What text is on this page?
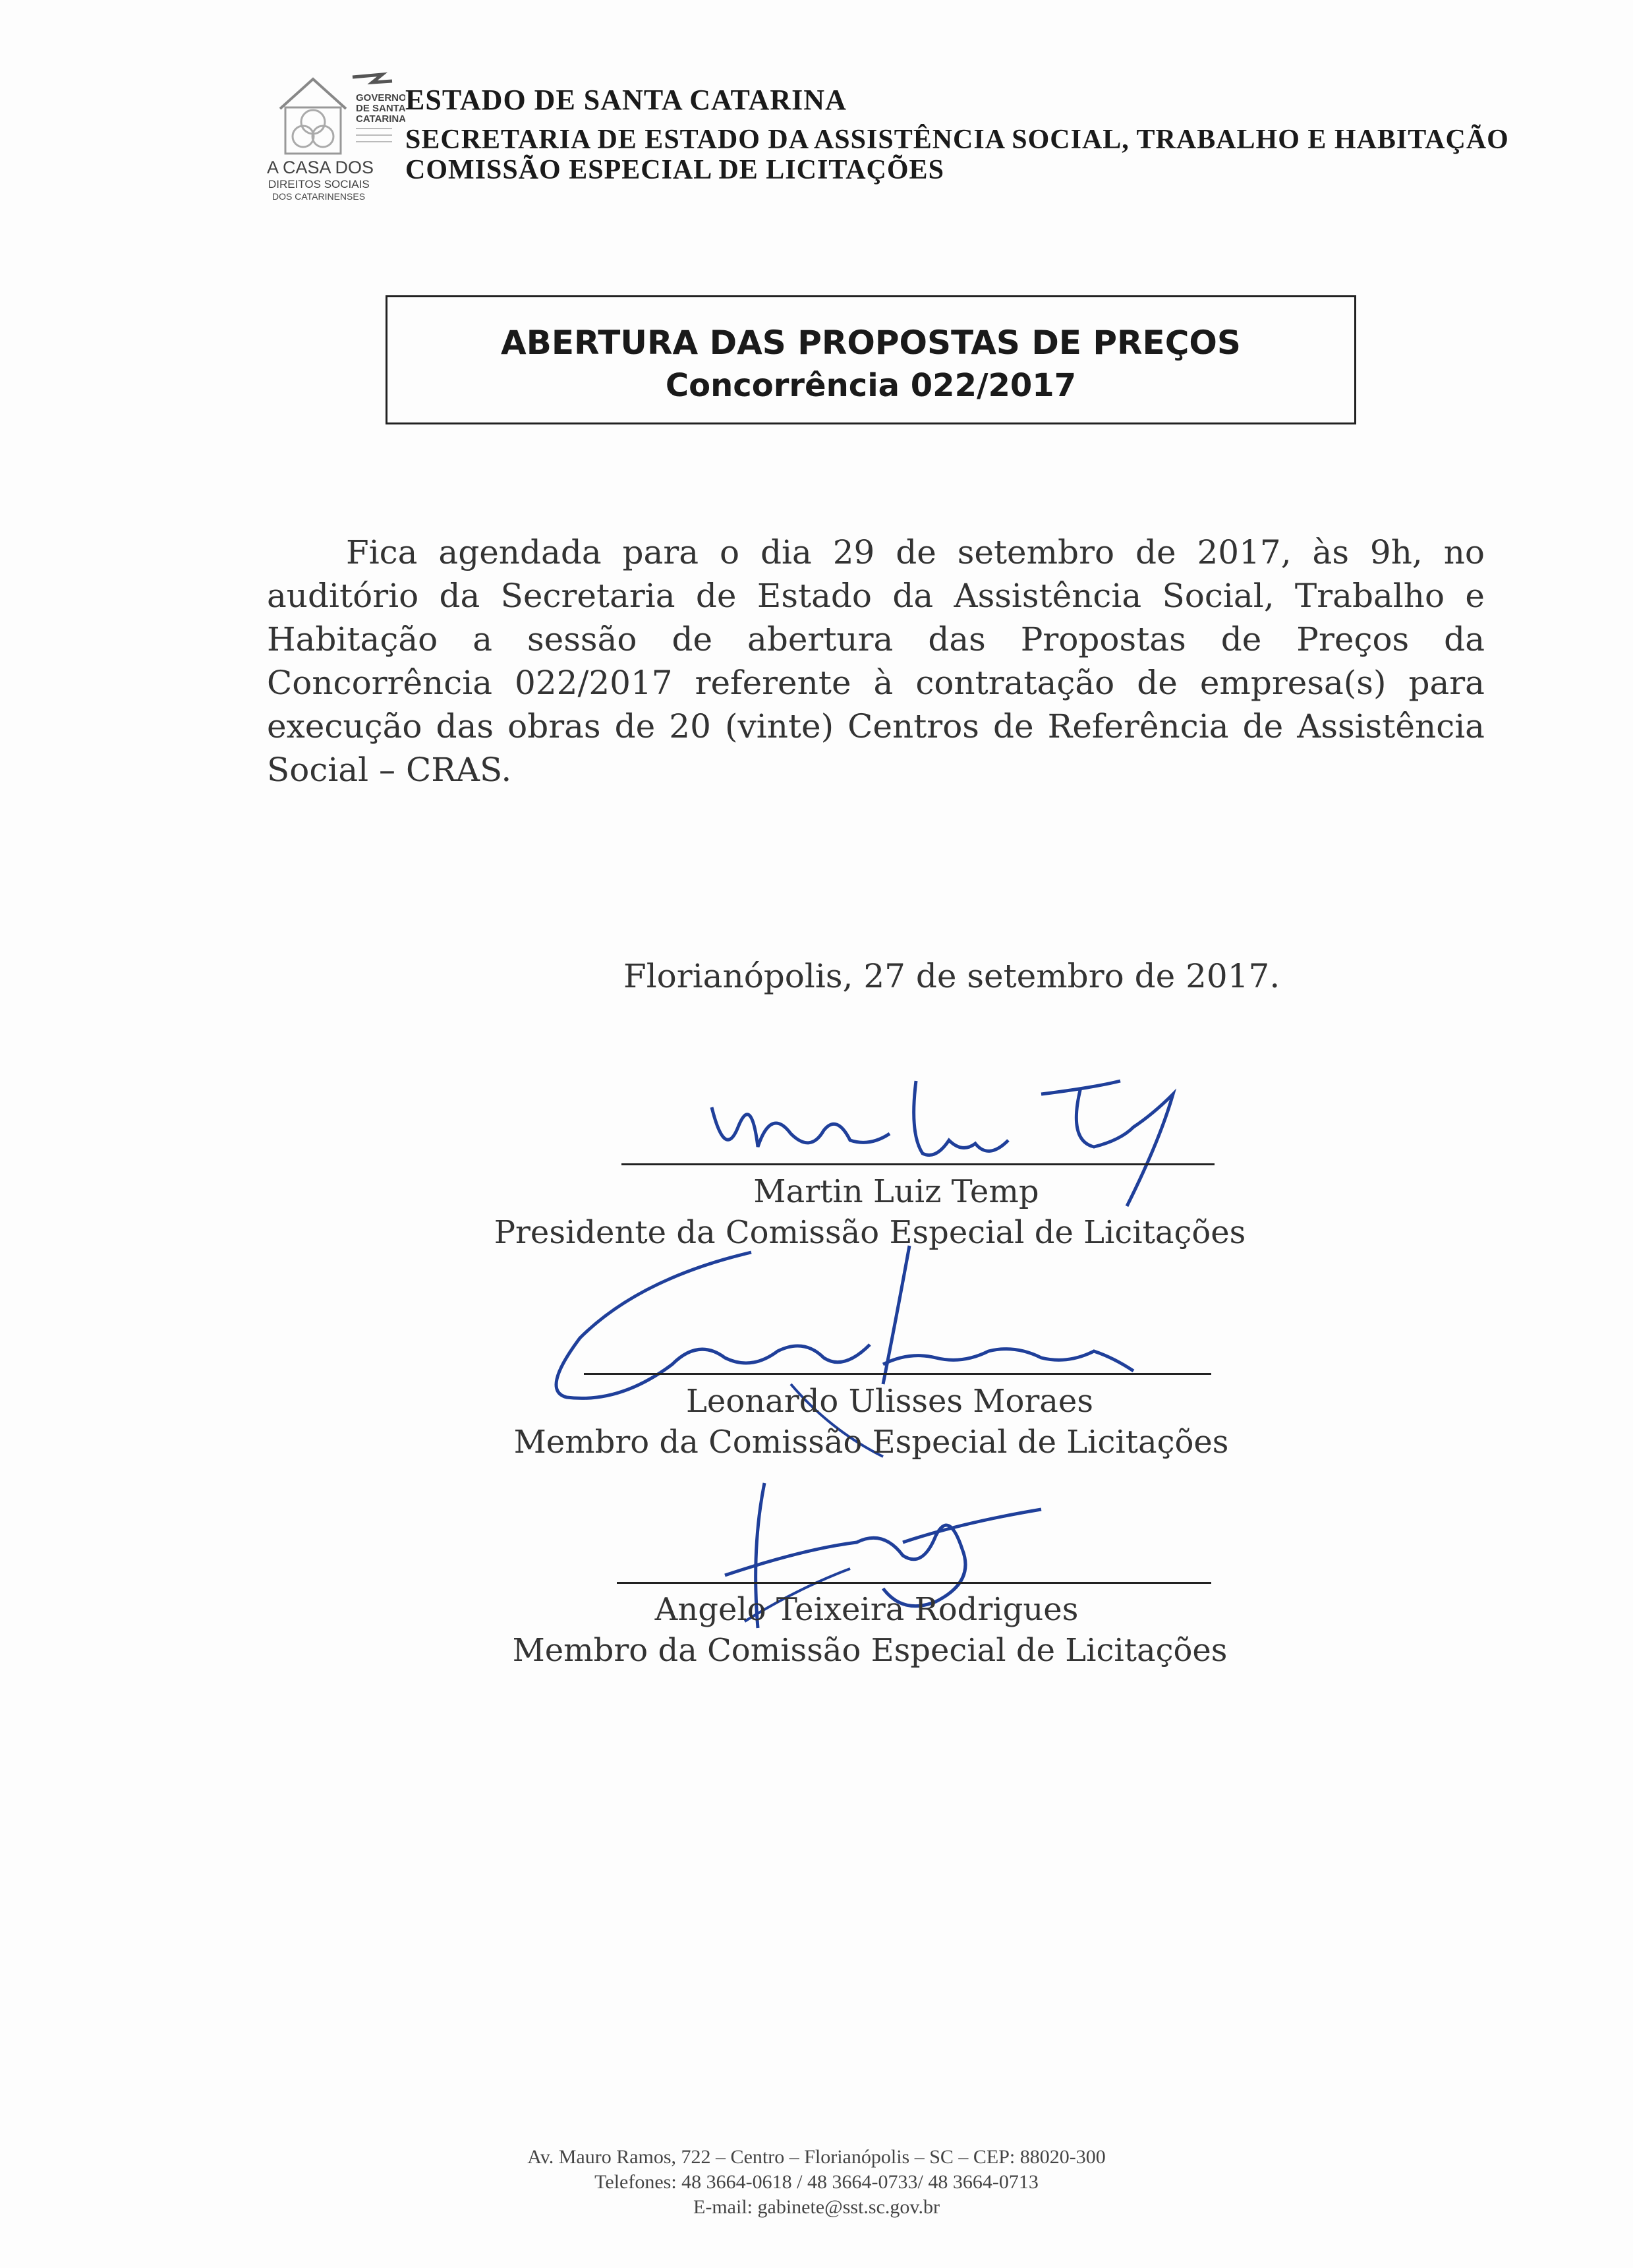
GOVERNO
DE SANTA
CATARINA
A CASA DOS
DIREITOS SOCIAIS
DOS CATARINENSES
ESTADO DE SANTA CATARINA
SECRETARIA DE ESTADO DA ASSISTÊNCIA SOCIAL, TRABALHO E HABITAÇÃO
COMISSÃO ESPECIAL DE LICITAÇÕES
ABERTURA DAS PROPOSTAS DE PREÇOS
Concorrência 022/2017
Fica agendada para o dia 29 de setembro de 2017, às 9h, no auditório da Secretaria de Estado da Assistência Social, Trabalho e Habitação a sessão de abertura das Propostas de Preços da Concorrência 022/2017 referente à contratação de empresa(s) para execução das obras de 20 (vinte) Centros de Referência de Assistência Social – CRAS.
Florianópolis, 27 de setembro de 2017.
Martin Luiz Temp
Presidente da Comissão Especial de Licitações
Leonardo Ulisses Moraes
Membro da Comissão Especial de Licitações
Angelo Teixeira Rodrigues
Membro da Comissão Especial de Licitações
Av. Mauro Ramos, 722 – Centro – Florianópolis – SC – CEP: 88020-300
Telefones: 48 3664-0618 / 48 3664-0733/ 48 3664-0713
E-mail: gabinete@sst.sc.gov.br
